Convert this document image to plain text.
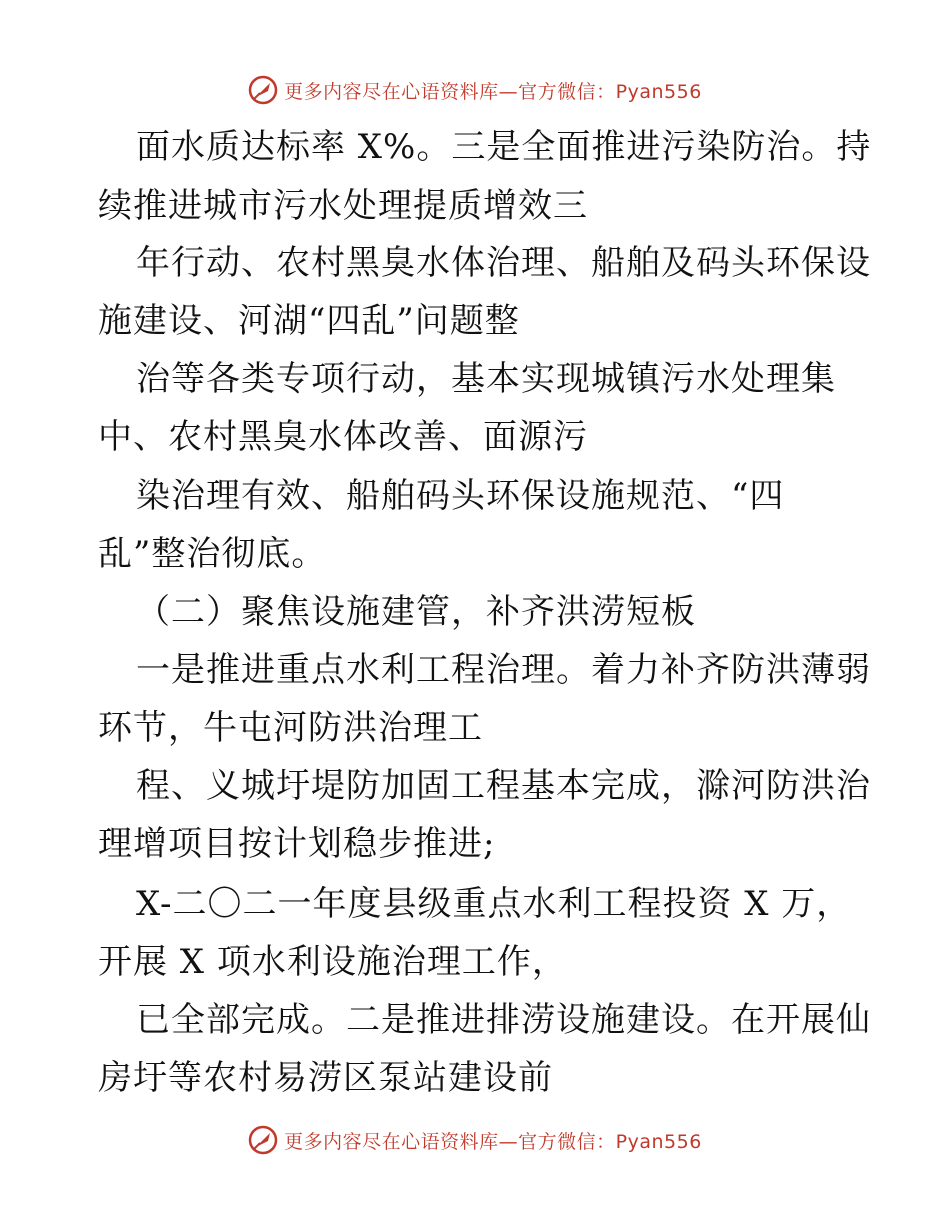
更多内容尽在心语资料库—官方微信：Pyan556
面水质达标率 X%。三是全面推进污染防治。持
续推进城市污水处理提质增效三
年行动、农村黑臭水体治理、船舶及码头环保设
施建设、河湖“四乱”问题整
治等各类专项行动，基本实现城镇污水处理集
中、农村黑臭水体改善、面源污
染治理有效、船舶码头环保设施规范、“四
乱”整治彻底。
（二）聚焦设施建管，补齐洪涝短板
一是推进重点水利工程治理。着力补齐防洪薄弱
环节，牛屯河防洪治理工
程、义城圩堤防加固工程基本完成，滁河防洪治
理增项目按计划稳步推进;
X-二〇二一年度县级重点水利工程投资 X 万，
开展 X 项水利设施治理工作，
已全部完成。二是推进排涝设施建设。在开展仙
房圩等农村易涝区泵站建设前
更多内容尽在心语资料库—官方微信：Pyan556
